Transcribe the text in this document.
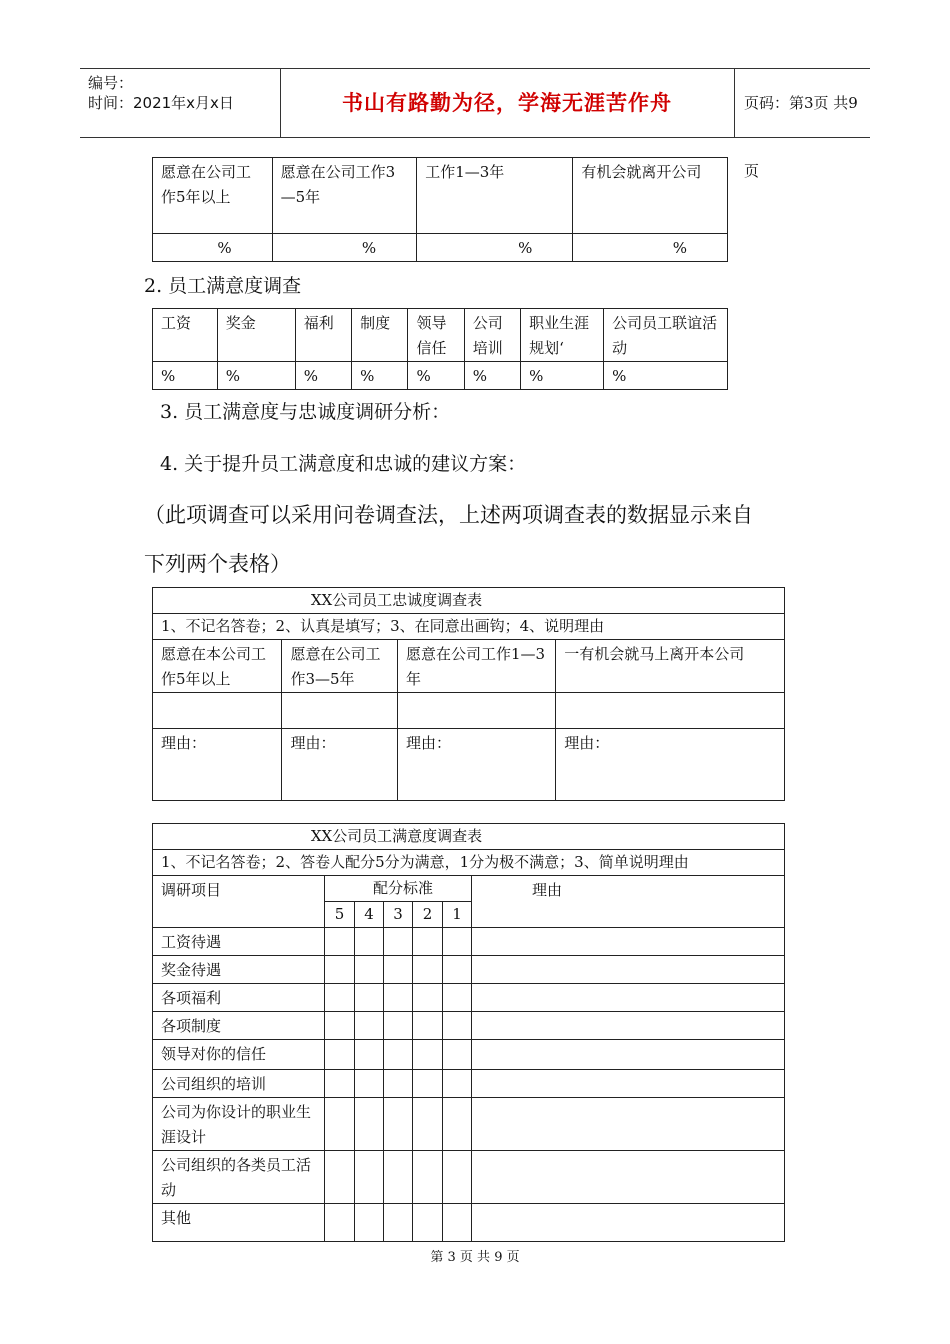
编号：
时间：2021年x月x日	书山有路勤为径，学海无涯苦作舟	页码：第3页 共9页
愿意在公司工作5年以上	愿意在公司工作3—5年	工作1—3年	有机会就离开公司
%	%	%	%
2. 员工满意度调查
工资	奖金	福利	制度	领导信任	公司培训	职业生涯规划‘	公司员工联谊活动
%	%	%	%	%	%	%	%
3. 员工满意度与忠诚度调研分析：
4. 关于提升员工满意度和忠诚的建议方案：
（此项调查可以采用问卷调查法，上述两项调查表的数据显示来自
下列两个表格）
XX公司员工忠诚度调查表			
1、不记名答卷；2、认真是填写；3、在同意出画钩；4、说明理由			
愿意在本公司工作5年以上	愿意在公司工作3—5年	愿意在公司工作1—3年	一有机会就马上离开本公司

理由：	理由：	理由：	理由：
XX公司员工满意度调查表						
1、不记名答卷；2、答卷人配分5分为满意，1分为极不满意；3、简单说明理由						
调研项目	配分标准					理由
	5	4	3	2	1	
工资待遇						
奖金待遇						
各项福利						
各项制度						
领导对你的信任						
公司组织的培训						
公司为你设计的职业生涯设计						
公司组织的各类员工活动						
其他						
第 3 页 共 9 页
